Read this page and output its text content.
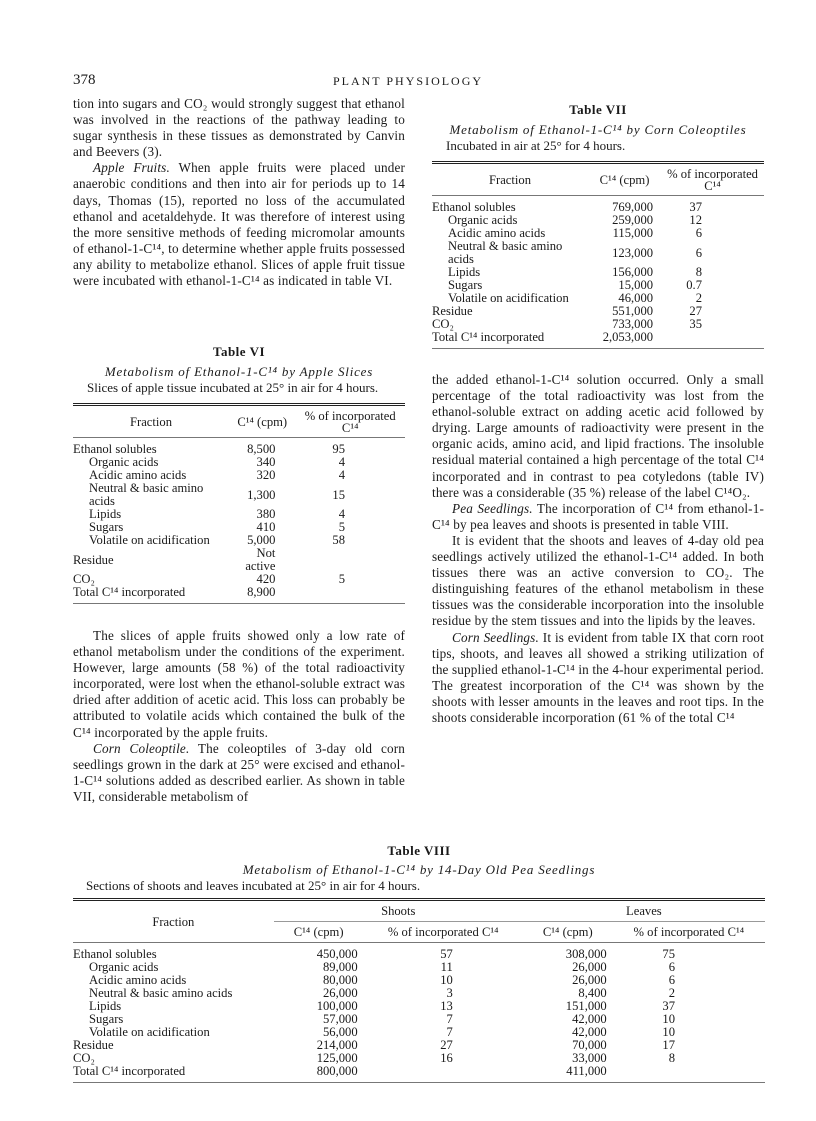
378	PLANT PHYSIOLOGY

tion into sugars and CO₂ would strongly suggest that ethanol was involved in the reactions of the pathway leading to sugar synthesis in these tissues as demonstrated by Canvin and Beevers (3).

Apple Fruits. When apple fruits were placed under anaerobic conditions and then into air for periods up to 14 days, Thomas (15), reported no loss of the accumulated ethanol and acetaldehyde. It was therefore of interest using the more sensitive methods of feeding micromolar amounts of ethanol-1-C¹⁴, to determine whether apple fruits possessed any ability to metabolize ethanol. Slices of apple fruit tissue were incubated with ethanol-1-C¹⁴ as indicated in table VI.

Table VI
Metabolism of Ethanol-1-C¹⁴ by Apple Slices
Slices of apple tissue incubated at 25° in air for 4 hours.
Fraction	C¹⁴ (cpm)	% of incorporated C¹⁴
Ethanol solubles	8,500	95
Organic acids	340	4
Acidic amino acids	320	4
Neutral & basic amino acids	1,300	15
Lipids	380	4
Sugars	410	5
Volatile on acidification	5,000	58
Residue	Not active	
CO₂	420	5
Total C¹⁴ incorporated	8,900	

The slices of apple fruits showed only a low rate of ethanol metabolism under the conditions of the experiment. However, large amounts (58 %) of the total radioactivity incorporated, were lost when the ethanol-soluble extract was dried after addition of acetic acid. This loss can probably be attributed to volatile acids which contained the bulk of the C¹⁴ incorporated by the apple fruits.

Corn Coleoptile. The coleoptiles of 3-day old corn seedlings grown in the dark at 25° were excised and ethanol-1-C¹⁴ solutions added as described earlier. As shown in table VII, considerable metabolism of

Table VII
Metabolism of Ethanol-1-C¹⁴ by Corn Coleoptiles
Incubated in air at 25° for 4 hours.
Fraction	C¹⁴ (cpm)	% of incorporated C¹⁴
Ethanol solubles	769,000	37
Organic acids	259,000	12
Acidic amino acids	115,000	6
Neutral & basic amino acids	123,000	6
Lipids	156,000	8
Sugars	15,000	0.7
Volatile on acidification	46,000	2
Residue	551,000	27
CO₂	733,000	35
Total C¹⁴ incorporated	2,053,000	

the added ethanol-1-C¹⁴ solution occurred. Only a small percentage of the total radioactivity was lost from the ethanol-soluble extract on adding acetic acid followed by drying. Large amounts of radioactivity were present in the organic acids, amino acid, and lipid fractions. The insoluble residual material contained a high percentage of the total C¹⁴ incorporated and in contrast to pea cotyledons (table IV) there was a considerable (35 %) release of the label C¹⁴O₂.

Pea Seedlings. The incorporation of C¹⁴ from ethanol-1-C¹⁴ by pea leaves and shoots is presented in table VIII.

It is evident that the shoots and leaves of 4-day old pea seedlings actively utilized the ethanol-1-C¹⁴ added. In both tissues there was an active conversion to CO₂. The distinguishing features of the ethanol metabolism in these tissues was the considerable incorporation into the insoluble residue by the stem tissues and into the lipids by the leaves.

Corn Seedlings. It is evident from table IX that corn root tips, shoots, and leaves all showed a striking utilization of the supplied ethanol-1-C¹⁴ in the 4-hour experimental period. The greatest incorporation of the C¹⁴ was shown by the shoots with lesser amounts in the leaves and root tips. In the shoots considerable incorporation (61 % of the total C¹⁴

Table VIII
Metabolism of Ethanol-1-C¹⁴ by 14-Day Old Pea Seedlings
Sections of shoots and leaves incubated at 25° in air for 4 hours.
Fraction	Shoots		Leaves	
	C¹⁴ (cpm)	% of incorporated C¹⁴	C¹⁴ (cpm)	% of incorporated C¹⁴
Ethanol solubles	450,000	57	308,000	75
Organic acids	89,000	11	26,000	6
Acidic amino acids	80,000	10	26,000	6
Neutral & basic amino acids	26,000	3	8,400	2
Lipids	100,000	13	151,000	37
Sugars	57,000	7	42,000	10
Volatile on acidification	56,000	7	42,000	10
Residue	214,000	27	70,000	17
CO₂	125,000	16	33,000	8
Total C¹⁴ incorporated	800,000		411,000	
